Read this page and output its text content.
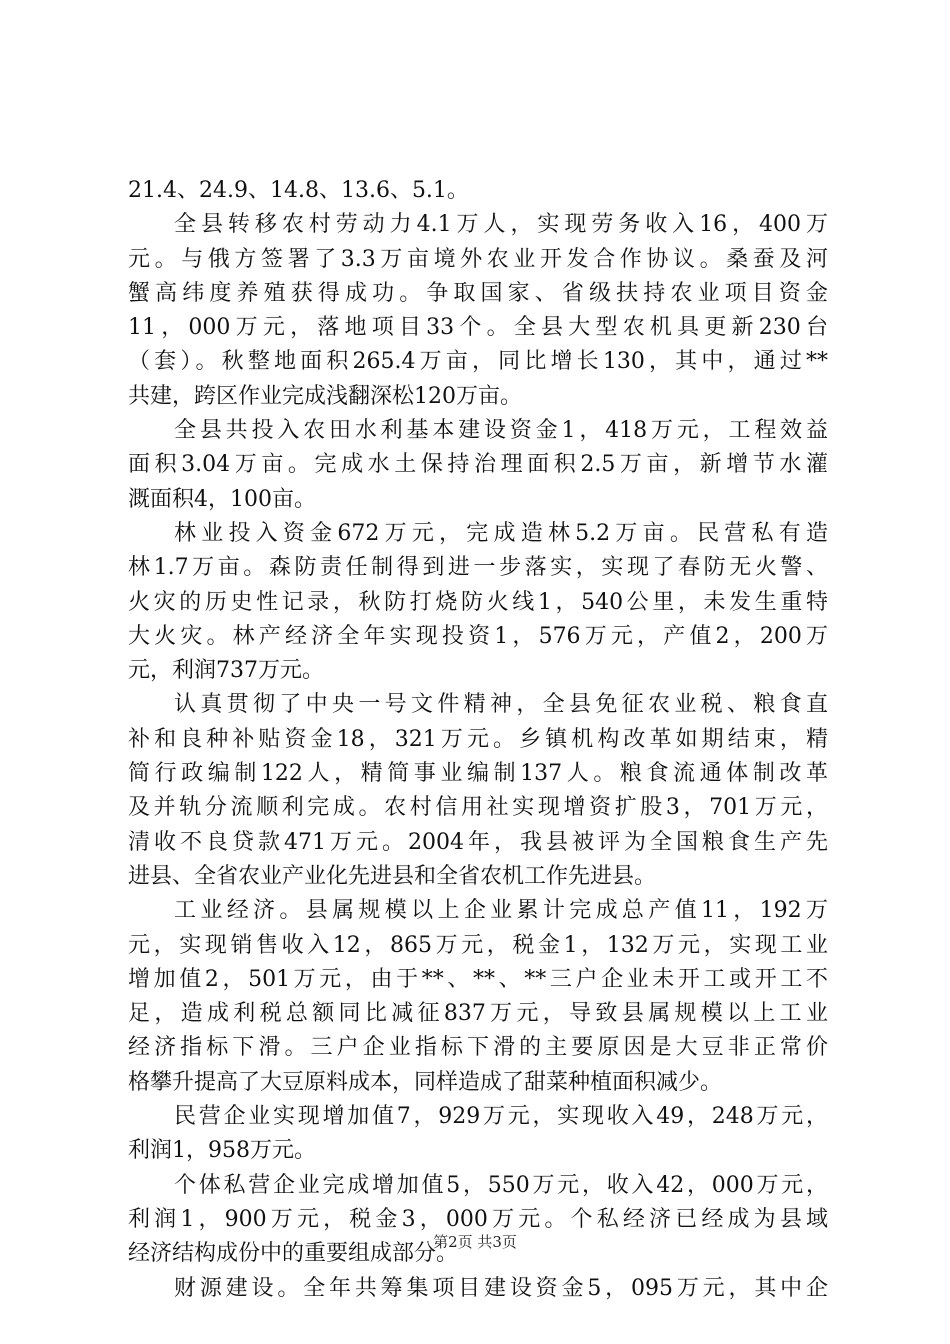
21.4、24.9、14.8、13.6、5.1。
全县转移农村劳动力4.1万人，实现劳务收入16，400万
元。与俄方签署了3.3万亩境外农业开发合作协议。桑蚕及河
蟹高纬度养殖获得成功。争取国家、省级扶持农业项目资金
11，000万元，落地项目33个。全县大型农机具更新230台
（套）。秋整地面积265.4万亩，同比增长130，其中，通过**
共建，跨区作业完成浅翻深松120万亩。
全县共投入农田水利基本建设资金1，418万元，工程效益
面积3.04万亩。完成水土保持治理面积2.5万亩，新增节水灌
溉面积4，100亩。
林业投入资金672万元，完成造林5.2万亩。民营私有造
林1.7万亩。森防责任制得到进一步落实，实现了春防无火警、
火灾的历史性记录，秋防打烧防火线1，540公里，未发生重特
大火灾。林产经济全年实现投资1，576万元，产值2，200万
元，利润737万元。
认真贯彻了中央一号文件精神，全县免征农业税、粮食直
补和良种补贴资金18，321万元。乡镇机构改革如期结束，精
简行政编制122人，精简事业编制137人。粮食流通体制改革
及并轨分流顺利完成。农村信用社实现增资扩股3，701万元，
清收不良贷款471万元。2004年，我县被评为全国粮食生产先
进县、全省农业产业化先进县和全省农机工作先进县。
工业经济。县属规模以上企业累计完成总产值11，192万
元，实现销售收入12，865万元，税金1，132万元，实现工业
增加值2，501万元，由于**、**、**三户企业未开工或开工不
足，造成利税总额同比减征837万元，导致县属规模以上工业
经济指标下滑。三户企业指标下滑的主要原因是大豆非正常价
格攀升提高了大豆原料成本，同样造成了甜菜种植面积减少。
民营企业实现增加值7，929万元，实现收入49，248万元，
利润1，958万元。
个体私营企业完成增加值5，550万元，收入42，000万元，
利润1，900万元，税金3，000万元。个私经济已经成为县域
经济结构成份中的重要组成部分。
财源建设。全年共筹集项目建设资金5，095万元，其中企
第2页 共3页
